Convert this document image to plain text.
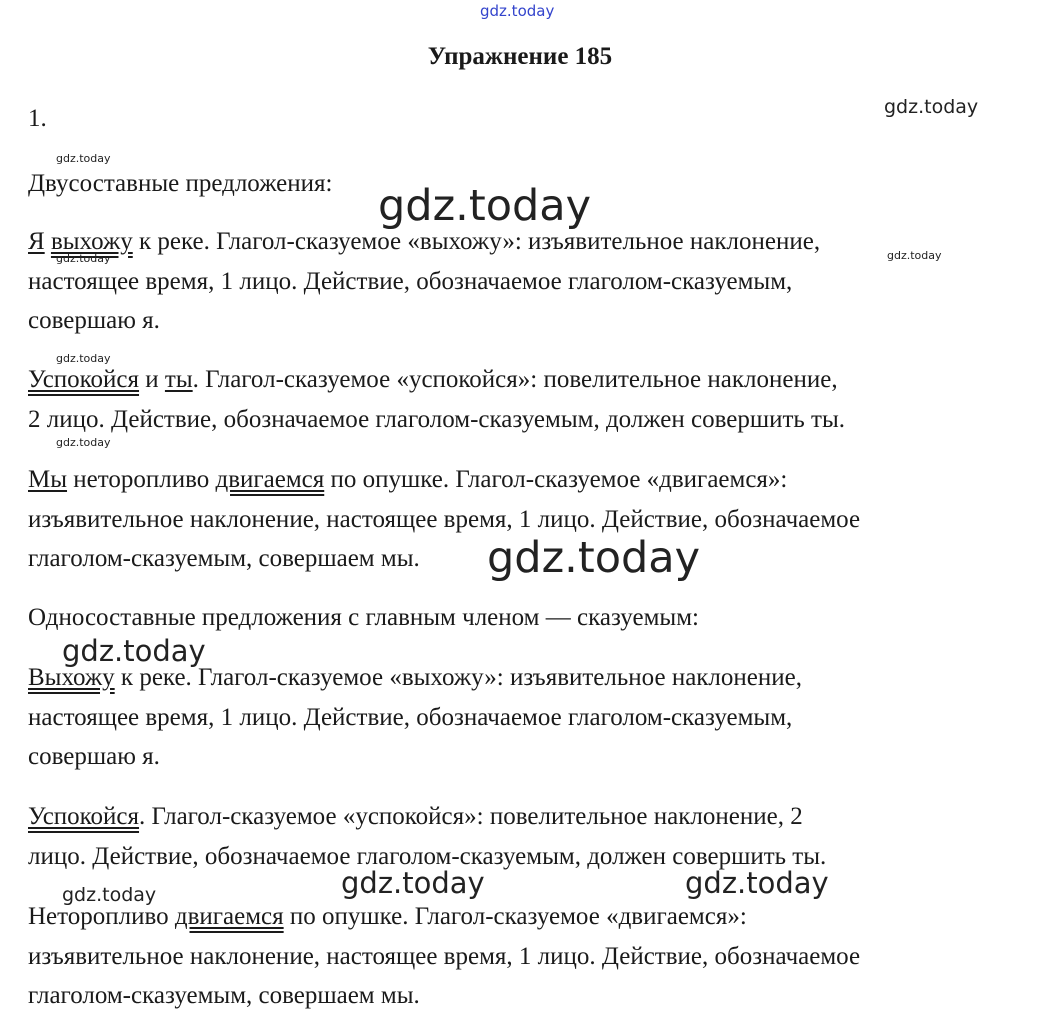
Упражнение 185
1.
Двусоставные предложения:
Я выхожу к реке. Глагол-сказуемое «выхожу»: изъявительное наклонение,
настоящее время, 1 лицо. Действие, обозначаемое глаголом-сказуемым,
совершаю я.
Успокойся и ты. Глагол-сказуемое «успокойся»: повелительное наклонение,
2 лицо. Действие, обозначаемое глаголом-сказуемым, должен совершить ты.
Мы неторопливо двигаемся по опушке. Глагол-сказуемое «двигаемся»:
изъявительное наклонение, настоящее время, 1 лицо. Действие, обозначаемое
глаголом-сказуемым, совершаем мы.
Односоставные предложения с главным членом — сказуемым:
Выхожу к реке. Глагол-сказуемое «выхожу»: изъявительное наклонение,
настоящее время, 1 лицо. Действие, обозначаемое глаголом-сказуемым,
совершаю я.
Успокойся. Глагол-сказуемое «успокойся»: повелительное наклонение, 2
лицо. Действие, обозначаемое глаголом-сказуемым, должен совершить ты.
Неторопливо двигаемся по опушке. Глагол-сказуемое «двигаемся»:
изъявительное наклонение, настоящее время, 1 лицо. Действие, обозначаемое
глаголом-сказуемым, совершаем мы.
gdz.today
gdz.today
gdz.today
gdz.today
gdz.today	gdz.today
gdz.today
gdz.today
gdz.today
gdz.today
gdz.today	gdz.today
gdz.today
